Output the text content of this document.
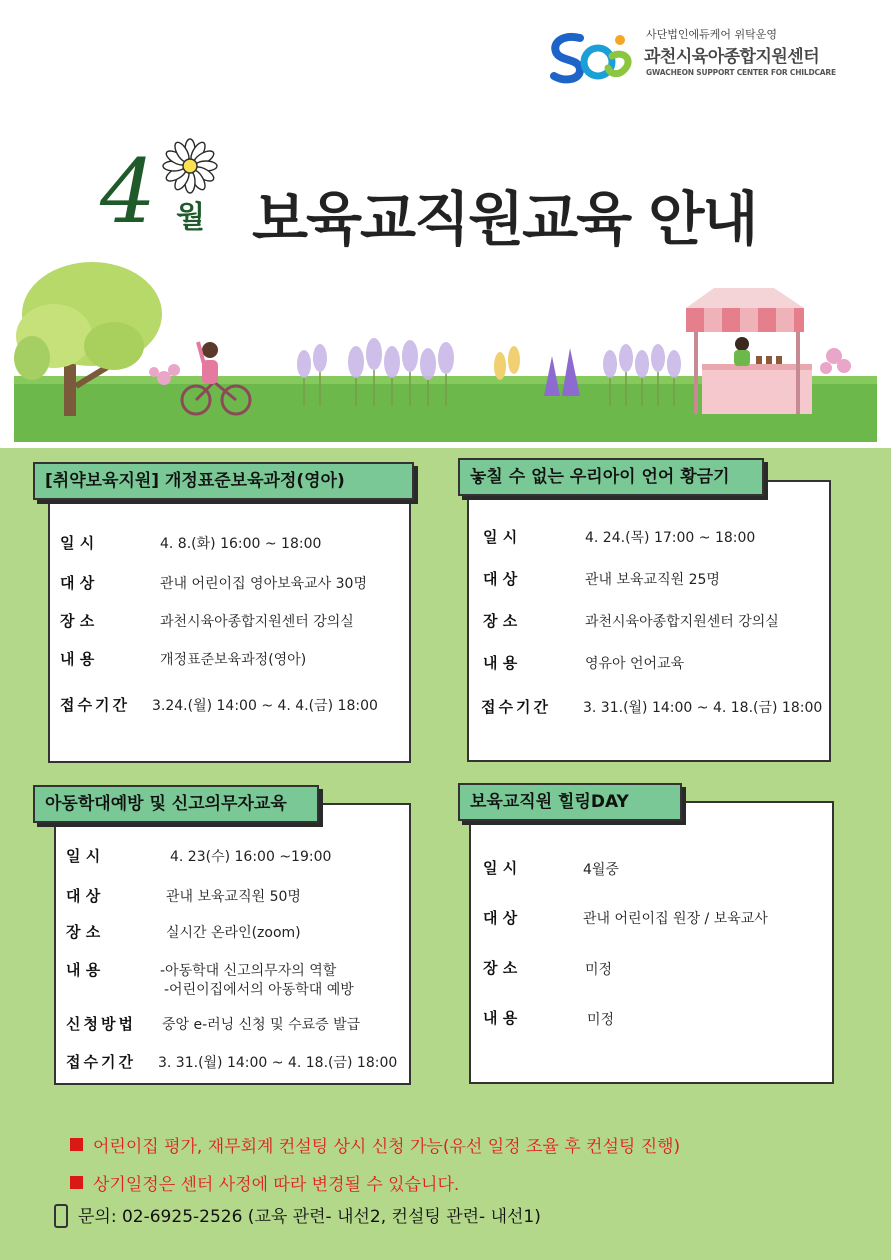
사단법인에듀케어 위탁운영
과천시육아종합지원센터
GWACHEON SUPPORT CENTER FOR CHILDCARE
4 월 보육교직원교육 안내
일 시	4. 8.(화) 16:00 ~ 18:00
대 상	관내 어린이집 영아보육교사 30명
장 소	과천시육아종합지원센터 강의실
내 용	개정표준보육과정(영아)
접수기간 3.24.(월) 14:00 ~ 4. 4.(금) 18:00
[취약보육지원] 개정표준보육과정(영아)
일 시	4. 24.(목) 17:00 ~ 18:00
대 상	관내 보육교직원 25명
장 소	과천시육아종합지원센터 강의실
내 용	영유아 언어교육
접수기간 3. 31.(월) 14:00 ~ 4. 18.(금) 18:00
놓칠 수 없는 우리아이 언어 황금기
일 시	4. 23(수) 16:00 ~19:00
대 상	관내 보육교직원 50명
장 소	실시간 온라인(zoom)
내 용	-아동학대 신고의무자의 역할
-어린이집에서의 아동학대 예방
신청방법 중앙 e-러닝 신청 및 수료증 발급
접수기간 3. 31.(월) 14:00 ~ 4. 18.(금) 18:00
아동학대예방 및 신고의무자교육
일 시	4월중
대 상	관내 어린이집 원장 / 보육교사
장 소	미정
내 용	미정
보육교직원 힐링DAY
어린이집 평가, 재무회계 컨설팅 상시 신청 가능(유선 일정 조율 후 컨설팅 진행)
상기일정은 센터 사정에 따라 변경될 수 있습니다.
문의: 02-6925-2526 (교육 관련- 내선2, 컨설팅 관련- 내선1)
